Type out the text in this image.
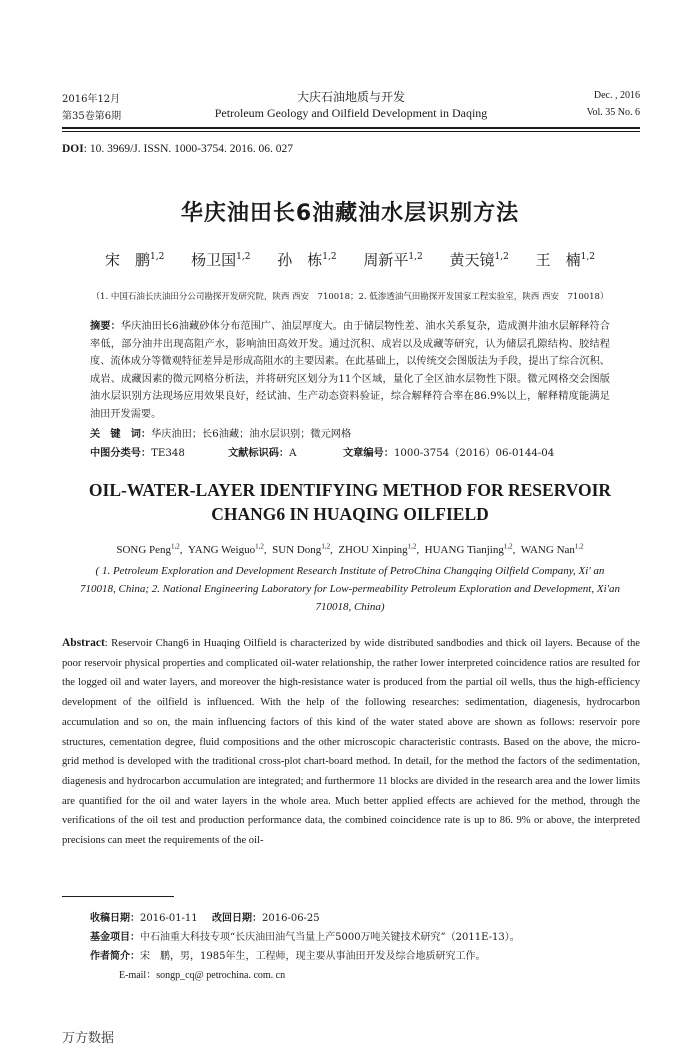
2016年12月
第35卷第6期
大庆石油地质与开发
Petroleum Geology and Oilfield Development in Daqing
Dec. , 2016
Vol. 35 No. 6
DOI: 10. 3969/J. ISSN. 1000-3754. 2016. 06. 027
华庆油田长6油藏油水层识别方法
宋　鹏$^{1,2}$ 杨卫国$^{1,2}$ 孙　栋$^{1,2}$ 周新平$^{1,2}$ 黄天镜$^{1,2}$ 王　楠$^{1,2}$
（1. 中国石油长庆油田分公司勘探开发研究院，陕西 西安　710018；2. 低渗透油气田勘探开发国家工程实验室，陕西 西安　710018）
摘要：华庆油田长6油藏砂体分布范围广、油层厚度大。由于储层物性差、油水关系复杂，造成测井油水层解释符合率低，部分油井出现高阻产水，影响油田高效开发。通过沉积、成岩以及成藏等研究，认为储层孔隙结构、胶结程度、流体成分等微观特征差异是形成高阻水的主要因素。在此基础上，以传统交会图版法为手段，提出了综合沉积、成岩、成藏因素的微元网格分析法，并将研究区划分为11个区域，量化了全区油水层物性下限。微元网格交会图版油水层识别方法现场应用效果良好，经试油、生产动态资料验证，综合解释符合率在86.9%以上，解释精度能满足油田开发需要。
关　键　词：华庆油田；长6油藏；油水层识别；微元网格
中图分类号：TE348	文献标识码：A	文章编号：1000-3754（2016）06-0144-04
OIL-WATER-LAYER IDENTIFYING METHOD FOR RESERVOIR
CHANG6 IN HUAQING OILFIELD
SONG Peng$^{1,2}$,  YANG Weiguo$^{1,2}$,  SUN Dong$^{1,2}$,  ZHOU Xinping$^{1,2}$,  HUANG Tianjing$^{1,2}$,  WANG Nan$^{1,2}$
( 1. Petroleum Exploration and Development Research Institute of PetroChina Changqing Oilfield Company, Xi' an 710018, China; 2. National Engineering Laboratory for Low-permeability Petroleum Exploration and Development, Xi'an 710018, China)
Abstract: Reservoir Chang6 in Huaqing Oilfield is characterized by wide distributed sandbodies and thick oil layers. Because of the poor reservoir physical properties and complicated oil-water relationship, the rather lower interpreted coincidence ratios are resulted for the logged oil and water layers, and moreover the high-resistance water is produced from the partial oil wells, thus the high-efficiency development of the oilfield is influenced. With the help of the following researches: sedimentation, diagenesis, hydrocarbon accumulation and so on, the main influencing factors of this kind of the water stated above are shown as follows: reservoir pore structures, cementation degree, fluid compositions and the other microscopic characteristic contrasts. Based on the above, the micro-grid method is developed with the traditional cross-plot chart-board method. In detail, for the method the factors of the sedimentation, diagenesis and hydrocarbon accumulation are integrated; and furthermore 11 blocks are divided in the research area and the lower limits are quantified for the oil and water layers in the whole area. Much better applied effects are achieved for the method, through the verifications of the oil test and production performance data, the combined coincidence rate is up to 86. 9% or above, the interpreted precisions can meet the requirements of the oil-
收稿日期：2016-01-11 改回日期：2016-06-25
基金项目：中石油重大科技专项“长庆油田油气当量上产5000万吨关键技术研究”（2011E-13）。
作者简介：宋　鹏，男，1985年生，工程师，现主要从事油田开发及综合地质研究工作。
E-mail：songp_cq@ petrochina. com. cn
万方数据
